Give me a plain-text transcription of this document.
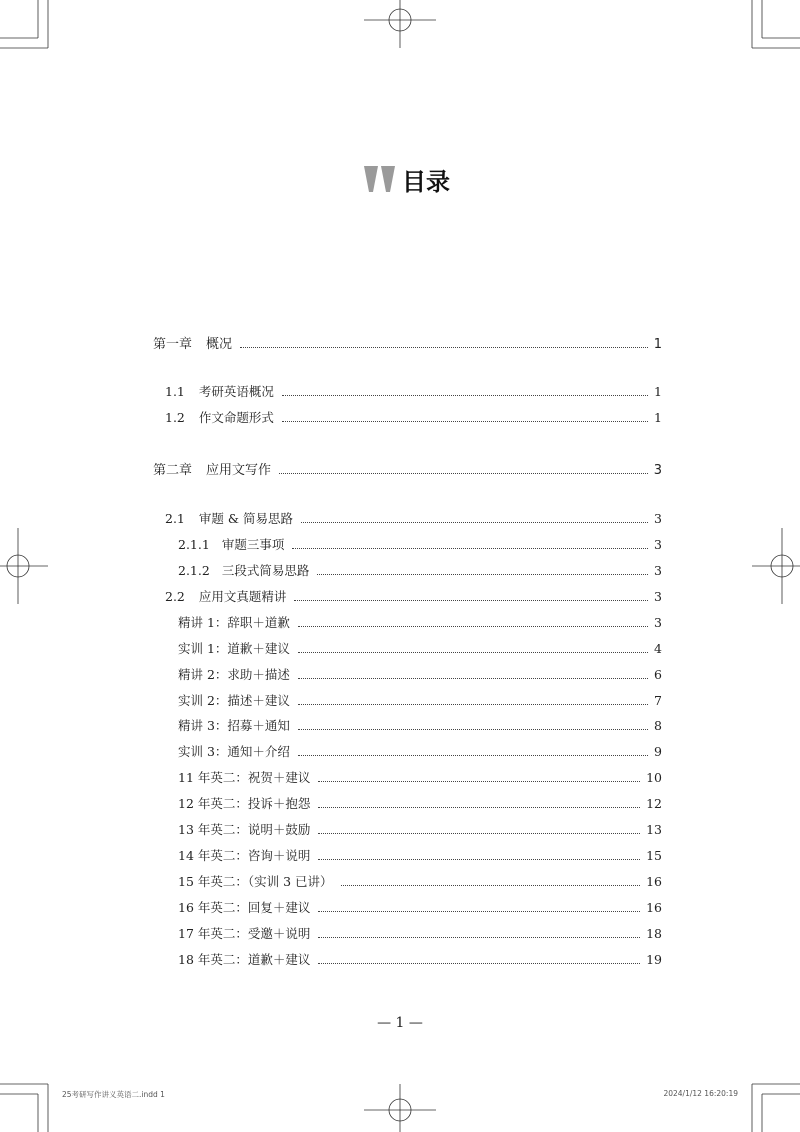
目录
第一章 概况	1
1.1 考研英语概况	1
1.2 作文命题形式	1
第二章 应用文写作	3
2.1 审题 & 简易思路	3
2.1.1 审题三事项	3
2.1.2 三段式简易思路	3
2.2 应用文真题精讲	3
精讲 1：辞职＋道歉	3
实训 1：道歉＋建议	4
精讲 2：求助＋描述	6
实训 2：描述＋建议	7
精讲 3：招募＋通知	8
实训 3：通知＋介绍	9
11 年英二：祝贺＋建议	10
12 年英二：投诉＋抱怨	12
13 年英二：说明＋鼓励	13
14 年英二：咨询＋说明	15
15 年英二：（实训 3 已讲）	16
16 年英二：回复＋建议	16
17 年英二：受邀＋说明	18
18 年英二：道歉＋建议	19
— 1 —
25考研写作讲义英语二.indd 1	2024/1/12 16:20:19
